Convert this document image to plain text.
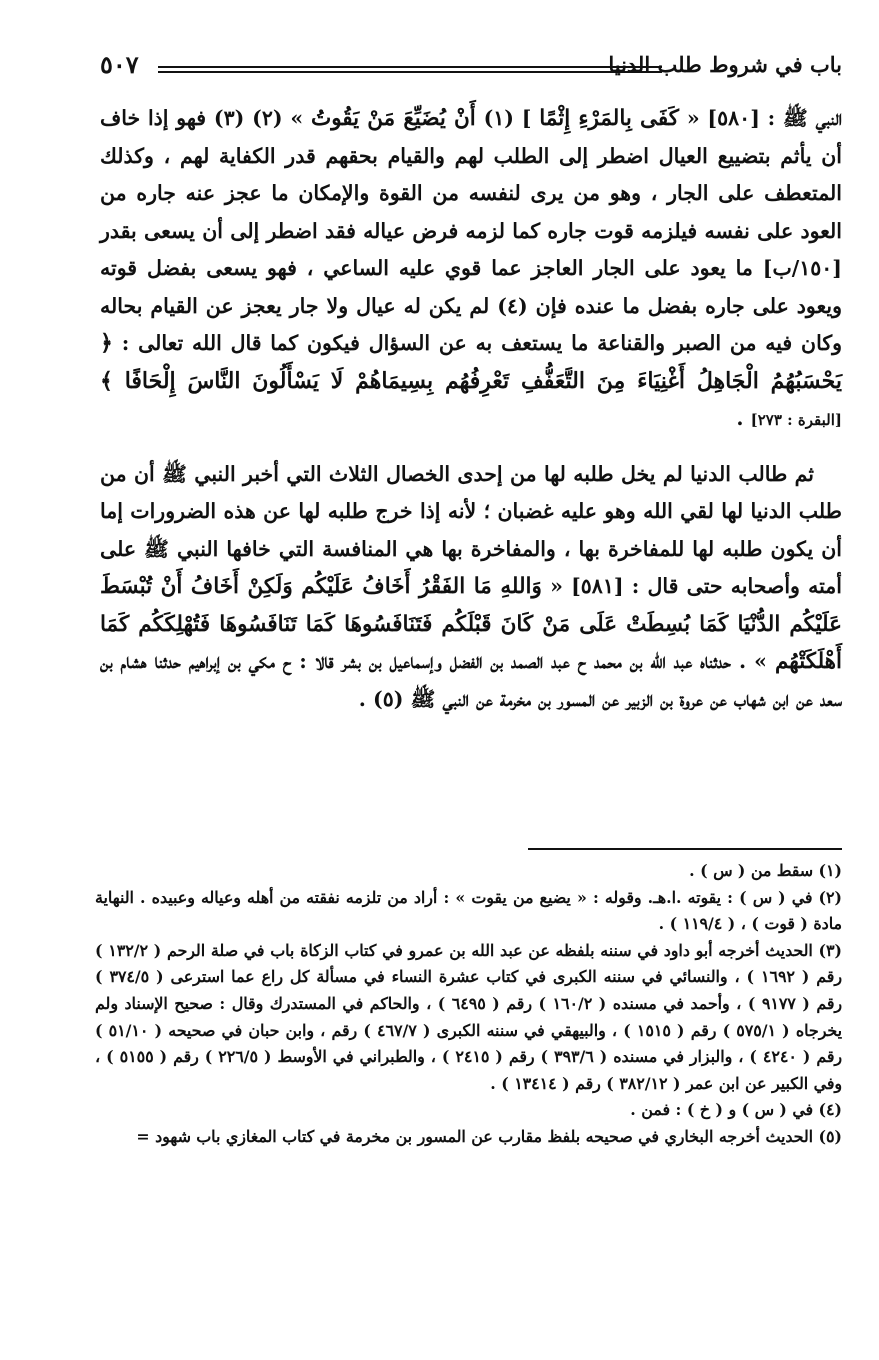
باب في شروط طلب الدنيا
٥٠٧

النبي ﷺ : [٥٨٠] « كَفَى بِالمَرْءِ إِثْمًا ] (١) أَنْ يُضَيِّعَ مَنْ يَقُوتُ » (٢) (٣) فهو إذا خاف أن يأثم بتضييع العيال اضطر إلى الطلب لهم والقيام بحقهم قدر الكفاية لهم ، وكذلك المتعطف على الجار ، وهو من يرى لنفسه من القوة والإمكان ما عجز عنه جاره من العود على نفسه فيلزمه قوت جاره كما لزمه فرض عياله فقد اضطر إلى أن يسعى بقدر [١٥٠/ب] ما يعود على الجار العاجز عما قوي عليه الساعي ، فهو يسعى بفضل قوته ويعود على جاره بفضل ما عنده فإن (٤) لم يكن له عيال ولا جار يعجز عن القيام بحاله وكان فيه من الصبر والقناعة ما يستعف به عن السؤال فيكون كما قال الله تعالى : ﴿ يَحْسَبُهُمُ الْجَاهِلُ أَغْنِيَاءَ مِنَ التَّعَفُّفِ تَعْرِفُهُم بِسِيمَاهُمْ لَا يَسْأَلُونَ النَّاسَ إِلْحَافًا ﴾ [البقرة : ٢٧٣] .

ثم طالب الدنيا لم يخل طلبه لها من إحدى الخصال الثلاث التي أخبر النبي ﷺ أن من طلب الدنيا لها لقي الله وهو عليه غضبان ؛ لأنه إذا خرج طلبه لها عن هذه الضرورات إما أن يكون طلبه لها للمفاخرة بها ، والمفاخرة بها هي المنافسة التي خافها النبي ﷺ على أمته وأصحابه حتى قال : [٥٨١] « وَاللهِ مَا الفَقْرُ أَخَافُ عَلَيْكُم وَلَكِنْ أَخَافُ أَنْ تُبْسَطَ عَلَيْكُم الدُّنْيَا كَمَا بُسِطَتْ عَلَى مَنْ كَانَ قَبْلَكُم فَتَنَافَسُوهَا كَمَا تَنَافَسُوهَا فَتُهْلِكَكُم كَمَا أَهْلَكَتْهُم » . حدثناه عبد الله بن محمد ح عبد الصمد بن الفضل وإسماعيل بن بشر قالا : ح مكي بن إبراهيم حدثنا هشام بن سعد عن ابن شهاب عن عروة بن الزبير عن المسور بن مخرمة عن النبي ﷺ (٥) .

(١) سقط من ( س ) .

(٢) في ( س ) : يقوته .ا.هـ. وقوله : « يضيع من يقوت » : أراد من تلزمه نفقته من أهله وعياله وعبيده . النهاية مادة ( قوت ) ، ( ١١٩/٤ ) .

(٣) الحديث أخرجه أبو داود في سننه بلفظه عن عبد الله بن عمرو في كتاب الزكاة باب في صلة الرحم ( ١٣٢/٢ ) رقم ( ١٦٩٢ ) ، والنسائي في سننه الكبرى في كتاب عشرة النساء في مسألة كل راع عما استرعى ( ٣٧٤/٥ ) رقم ( ٩١٧٧ ) ، وأحمد في مسنده ( ١٦٠/٢ ) رقم ( ٦٤٩٥ ) ، والحاكم في المستدرك وقال : صحيح الإسناد ولم يخرجاه ( ٥٧٥/١ ) رقم ( ١٥١٥ ) ، والبيهقي في سننه الكبرى ( ٤٦٧/٧ ) رقم ، وابن حبان في صحيحه ( ٥١/١٠ ) رقم ( ٤٢٤٠ ) ، والبزار في مسنده ( ٣٩٣/٦ ) رقم ( ٢٤١٥ ) ، والطبراني في الأوسط ( ٢٢٦/٥ ) رقم ( ٥١٥٥ ) ، وفي الكبير عن ابن عمر ( ٣٨٢/١٢ ) رقم ( ١٣٤١٤ ) .

(٤) في ( س ) و ( خ ) : فمن .

(٥) الحديث أخرجه البخاري في صحيحه بلفظ مقارب عن المسور بن مخرمة في كتاب المغازي باب شهود =
